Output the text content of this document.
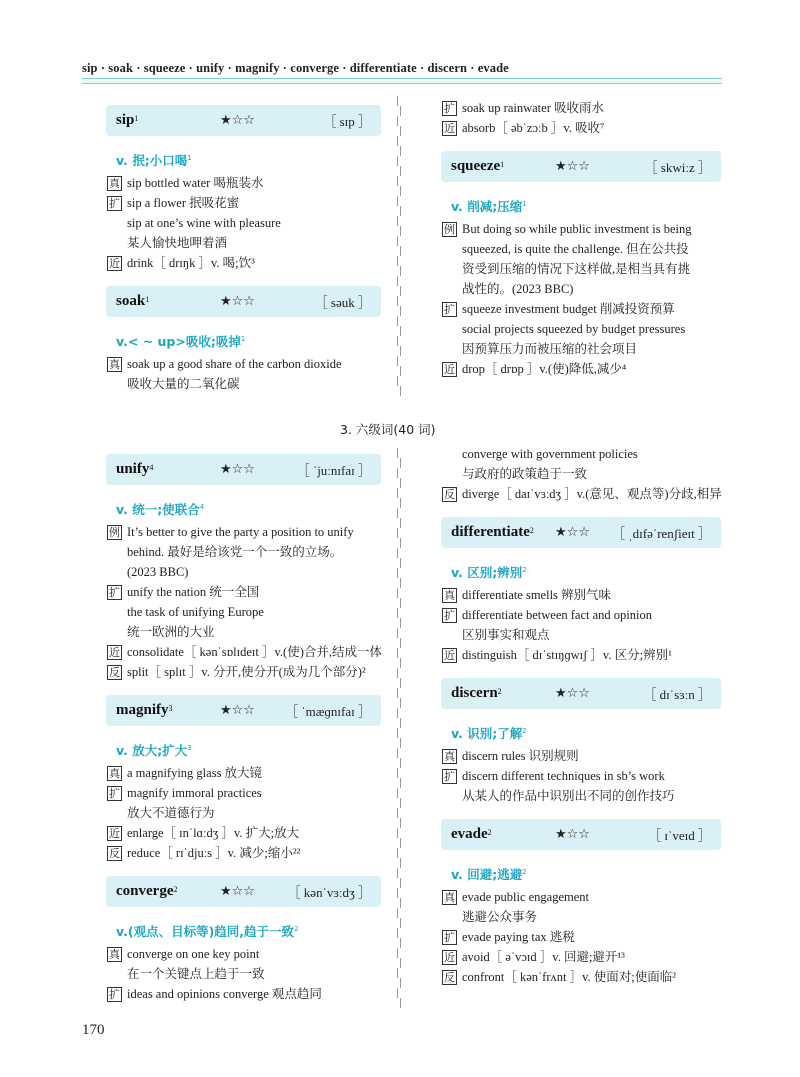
sip · soak · squeeze · unify · magnify · converge · differentiate · discern · evade
sip$^1$	★☆☆	［ sɪp ］
v. 抿;小口喝$^1$
真 sip bottled water 喝瓶装水
扩 sip a flower 抿吸花蜜
sip at one’s wine with pleasure
某人愉快地呷着酒
近 drink［ drɪŋk ］v. 喝;饮³
soak$^1$	★☆☆	［ səuk ］
v.< ~ up>吸收;吸掉$^1$
真 soak up a good share of the carbon dioxide
吸收大量的二氧化碳
扩 soak up rainwater 吸收雨水
近 absorb［ əbˈzɔːb ］v. 吸收⁷
squeeze$^1$	★☆☆	［ skwiːz ］
v. 削减;压缩$^1$
例 But doing so while public investment is being
squeezed, is quite the challenge. 但在公共投
资受到压缩的情况下这样做,是相当具有挑
战性的。(2023 BBC)
扩 squeeze investment budget 削减投资预算
social projects squeezed by budget pressures
因预算压力而被压缩的社会项目
近 drop［ drɒp ］v.(使)降低,减少⁴
3. 六级词(40 词)
unify$^4$	★☆☆	［ ˈjuːnɪfaɪ ］
v. 统一;使联合$^4$
例 It’s better to give the party a position to unify
behind. 最好是给该党一个一致的立场。
(2023 BBC)
扩 unify the nation 统一全国
the task of unifying Europe
统一欧洲的大业
近 consolidate［ kənˈsɒlɪdeɪt ］v.(使)合并,结成一体
反 split［ splɪt ］v. 分开,使分开(成为几个部分)²
magnify$^3$	★☆☆ ［ ˈmæɡnɪfaɪ ］
v. 放大;扩大$^3$
真 a magnifying glass 放大镜
扩 magnify immoral practices
放大不道德行为
近 enlarge［ ɪnˈlɑːdʒ ］v. 扩大;放大
反 reduce［ rɪˈdjuːs ］v. 减少;缩小²²
converge$^2$	★☆☆	［ kənˈvɜːdʒ ］
v.(观点、目标等)趋同,趋于一致$^2$
真 converge on one key point
在一个关键点上趋于一致
扩 ideas and opinions converge 观点趋同
converge with government policies
与政府的政策趋于一致
反 diverge［ daɪˈvɜːdʒ ］v.(意见、观点等)分歧,相异
differentiate$^2$ ★☆☆ ［ ˌdɪfəˈrenʃieɪt ］
v. 区别;辨别$^2$
真 differentiate smells 辨别气味
扩 differentiate between fact and opinion
区别事实和观点
近 distinguish［ dɪˈstɪŋɡwɪʃ ］v. 区分;辨别¹
discern$^2$	★☆☆	［ dɪˈsɜːn ］
v. 识别;了解$^2$
真 discern rules 识别规则
扩 discern different techniques in sb’s work
从某人的作品中识别出不同的创作技巧
evade$^2$	★☆☆	［ ɪˈveɪd ］
v. 回避;逃避$^2$
真 evade public engagement
逃避公众事务
扩 evade paying tax 逃税
近 avoid［ əˈvɔɪd ］v. 回避;避开¹³
反 confront［ kənˈfrʌnt ］v. 使面对;使面临²
170
